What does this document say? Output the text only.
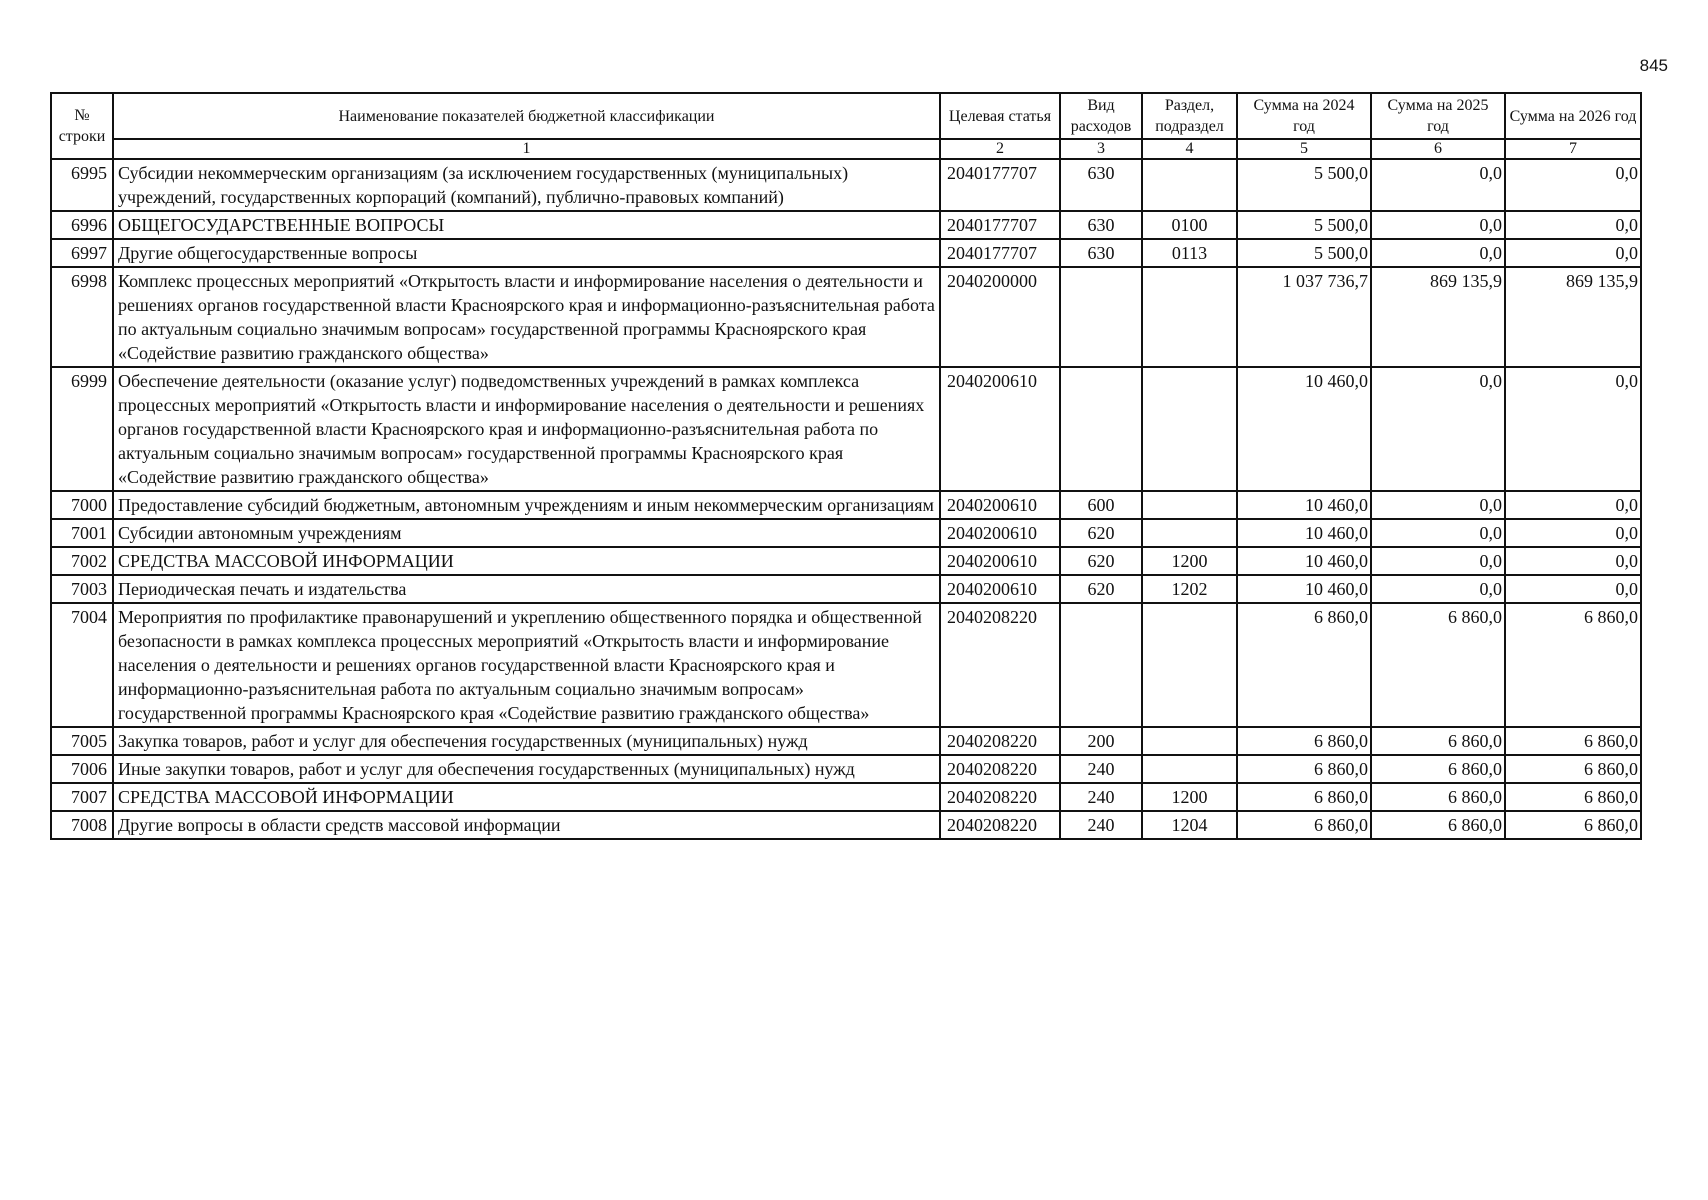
845
№ строки	Наименование показателей бюджетной классификации	Целевая статья	Вид расходов	Раздел, подраздел	Сумма на 2024 год	Сумма на 2025 год	Сумма на 2026 год
	1	2	3	4	5	6	7
6995	Субсидии некоммерческим организациям (за исключением государственных (муниципальных) учреждений, государственных корпораций (компаний), публично-правовых компаний)	2040177707	630		5 500,0	0,0	0,0
6996	ОБЩЕГОСУДАРСТВЕННЫЕ ВОПРОСЫ	2040177707	630	0100	5 500,0	0,0	0,0
6997	Другие общегосударственные вопросы	2040177707	630	0113	5 500,0	0,0	0,0
6998	Комплекс процессных мероприятий «Открытость власти и информирование населения о деятельности и решениях органов государственной власти Красноярского края и информационно-разъяснительная работа по актуальным социально значимым вопросам» государственной программы Красноярского края «Содействие развитию гражданского общества»	2040200000			1 037 736,7	869 135,9	869 135,9
6999	Обеспечение деятельности (оказание услуг) подведомственных учреждений в рамках комплекса процессных мероприятий «Открытость власти и информирование населения о деятельности и решениях органов государственной власти Красноярского края и информационно-разъяснительная работа по актуальным социально значимым вопросам» государственной программы Красноярского края «Содействие развитию гражданского общества»	2040200610			10 460,0	0,0	0,0
7000	Предоставление субсидий бюджетным, автономным учреждениям и иным некоммерческим организациям	2040200610	600		10 460,0	0,0	0,0
7001	Субсидии автономным учреждениям	2040200610	620		10 460,0	0,0	0,0
7002	СРЕДСТВА МАССОВОЙ ИНФОРМАЦИИ	2040200610	620	1200	10 460,0	0,0	0,0
7003	Периодическая печать и издательства	2040200610	620	1202	10 460,0	0,0	0,0
7004	Мероприятия по профилактике правонарушений и укреплению общественного порядка и общественной безопасности в рамках комплекса процессных мероприятий «Открытость власти и информирование населения о деятельности и решениях органов государственной власти Красноярского края и информационно-разъяснительная работа по актуальным социально значимым вопросам» государственной программы Красноярского края «Содействие развитию гражданского общества»	2040208220			6 860,0	6 860,0	6 860,0
7005	Закупка товаров, работ и услуг для обеспечения государственных (муниципальных) нужд	2040208220	200		6 860,0	6 860,0	6 860,0
7006	Иные закупки товаров, работ и услуг для обеспечения государственных (муниципальных) нужд	2040208220	240		6 860,0	6 860,0	6 860,0
7007	СРЕДСТВА МАССОВОЙ ИНФОРМАЦИИ	2040208220	240	1200	6 860,0	6 860,0	6 860,0
7008	Другие вопросы в области средств массовой информации	2040208220	240	1204	6 860,0	6 860,0	6 860,0
